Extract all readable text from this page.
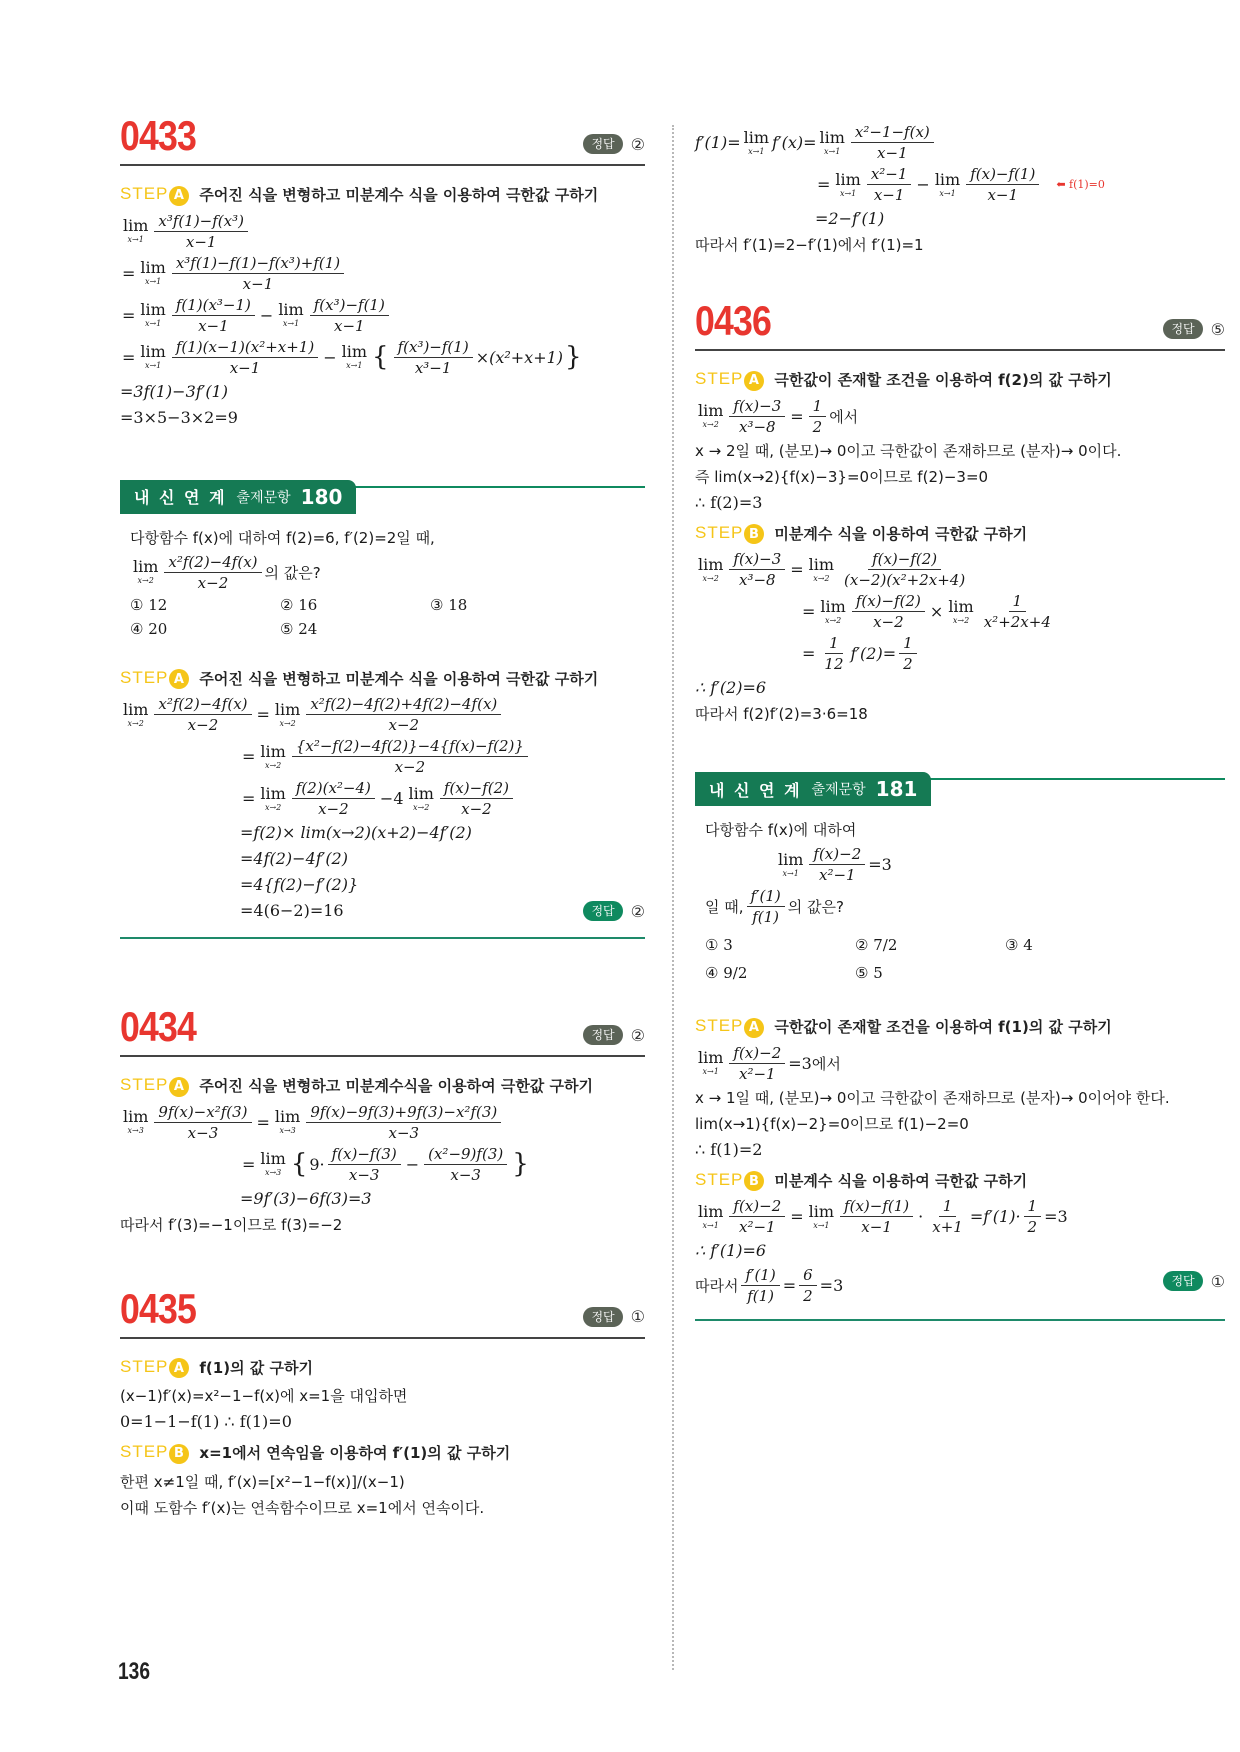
0433	정답	②
STEP A 주어진 식을 변형하고 미분계수 식을 이용하여 극한값 구하기
lim
$x\to 1 \frac{\text{x³f(1)−f(x³)}}{x-1}$
= lim
$x\to 1 \frac{\text{x³f(1)−f(1)−f(x³)+f(1)}}{x-1}$
= lim
$x\to 1 \frac{\text{f(1)(x³−1)}}{x-1} - \lim$
$x\to 1 \frac{\text{f(x³)−f(1)}}{x-1}$
= lim
$x\to 1 \frac{\text{f(1)(x−1)(x²+x+1)}}{x-1} - \lim$
x→1 { $\frac{\text{f(x³)−f(1)}}{\text{x³−1}} \times(x^2+x+1)$ }
=3f(1)−3f′(1)
=3×5−3×2=9
내 신 연 계 출제문항 180
다항함수 f(x)에 대하여 f(2)=6, f′(2)=2일 때,
lim
$x\to 2 \frac{\text{x²f(2)−4f(x)}}{x-2}$ 의 값은?
① 12	② 16	③ 18
④ 20	⑤ 24
STEP A 주어진 식을 변형하고 미분계수 식을 이용하여 극한값 구하기
lim
$x\to 2 \frac{\text{x²f(2)−4f(x)}}{x-2} = \lim$
$x\to 2 \frac{\text{x²f(2)−4f(2)+4f(2)−4f(x)}}{x-2}$
= lim
$x\to 2 \frac{\text{\{x²−f(2)−4f(2)\}−4\{f(x)−f(2)\}}}{x-2}$
= lim
$x\to 2 \frac{\text{f(2)(x²−4)}}{x-2} -4$ lim
$x\to 2 \frac{f(x)-f(2)}{x-2}$
=f(2)× lim(x→2)(x+2)−4f′(2)
=4f(2)−4f′(2)
=4{f(2)−f′(2)}
=4(6−2)=16	정답	②
0434	정답	②
STEP A 주어진 식을 변형하고 미분계수식을 이용하여 극한값 구하기
lim
$x\to 3 \frac{\text{9f(x)−x²f(3)}}{x-3} = \lim$
$x\to 3 \frac{\text{9f(x)−9f(3)+9f(3)−x²f(3)}}{x-3}$
= lim
x→3 { $9\cdot \frac{f(x)-f(3)}{x-3} - \frac{\text{(x²−9)f(3)}}{x-3}$ }
=9f′(3)−6f(3)=3
따라서 f′(3)=−1이므로 f(3)=−2
0435	정답	①
STEP A f(1)의 값 구하기
(x−1)f′(x)=x²−1−f(x)에 x=1을 대입하면
0=1−1−f(1) ∴ f(1)=0
STEP B x=1에서 연속임을 이용하여 f′(1)의 값 구하기
한편 x≠1일 때, f′(x)=[x²−1−f(x)]/(x−1)
이때 도함수 f′(x)는 연속함수이므로 x=1에서 연속이다.
136
f′(1)= lim
x→1 f′(x)= lim
$x\to 1 \frac{\text{x²−1−f(x)}}{x-1}$
= lim
$x\to 1 \frac{\text{x²−1}}{x-1} - \lim$
$x\to 1 \frac{f(x)-f(1)}{x-1}$ ⬅ f(1)=0
=2−f′(1)
따라서 f′(1)=2−f′(1)에서 f′(1)=1
0436	정답	⑤
STEP A 극한값이 존재할 조건을 이용하여 f(2)의 값 구하기
lim
$x\to 2 \frac{f(x)-3}{\text{x³−8}} = \frac{1}{2}$ 에서
x → 2일 때, (분모)→ 0이고 극한값이 존재하므로 (분자)→ 0이다.
즉 lim(x→2){f(x)−3}=0이므로 f(2)−3=0
∴ f(2)=3
STEP B 미분계수 식을 이용하여 극한값 구하기
lim
$x\to 2 \frac{f(x)-3}{\text{x³−8}} = \lim$
$x\to 2 \frac{f(x)-f(2)}{\text{(x−2)(x²+2x+4)}}$
= lim
$x\to 2 \frac{f(x)-f(2)}{x-2} \times \lim$
$x\to 2 \frac{1}{\text{x²+2x+4}}$
= $\frac{1}{12} f'(2)= \frac{1}{2}$
∴ f′(2)=6
따라서 f(2)f′(2)=3·6=18
내 신 연 계 출제문항 181
다항함수 f(x)에 대하여
lim
$x\to 1 \frac{f(x)-2}{\text{x²−1}} =3$
일 때, $\frac{f'(1)}{f(1)}$ 의 값은?
① 3	② 7/2	③ 4
④ 9/2	⑤ 5
STEP A 극한값이 존재할 조건을 이용하여 f(1)의 값 구하기
lim
$x\to 1 \frac{f(x)-2}{\text{x²−1}} =3$ 에서
x → 1일 때, (분모)→ 0이고 극한값이 존재하므로 (분자)→ 0이어야 한다.
lim(x→1){f(x)−2}=0이므로 f(1)−2=0
∴ f(1)=2
STEP B 미분계수 식을 이용하여 극한값 구하기
lim
$x\to 1 \frac{f(x)-2}{\text{x²−1}} = \lim$
$x\to 1 \frac{f(x)-f(1)}{x-1} \cdot \frac{1}{x+1} =f'(1)\cdot \frac{1}{2} =3$
∴ f′(1)=6
따라서 $\frac{f'(1)}{f(1)} = \frac{6}{2} =3$	정답	①
